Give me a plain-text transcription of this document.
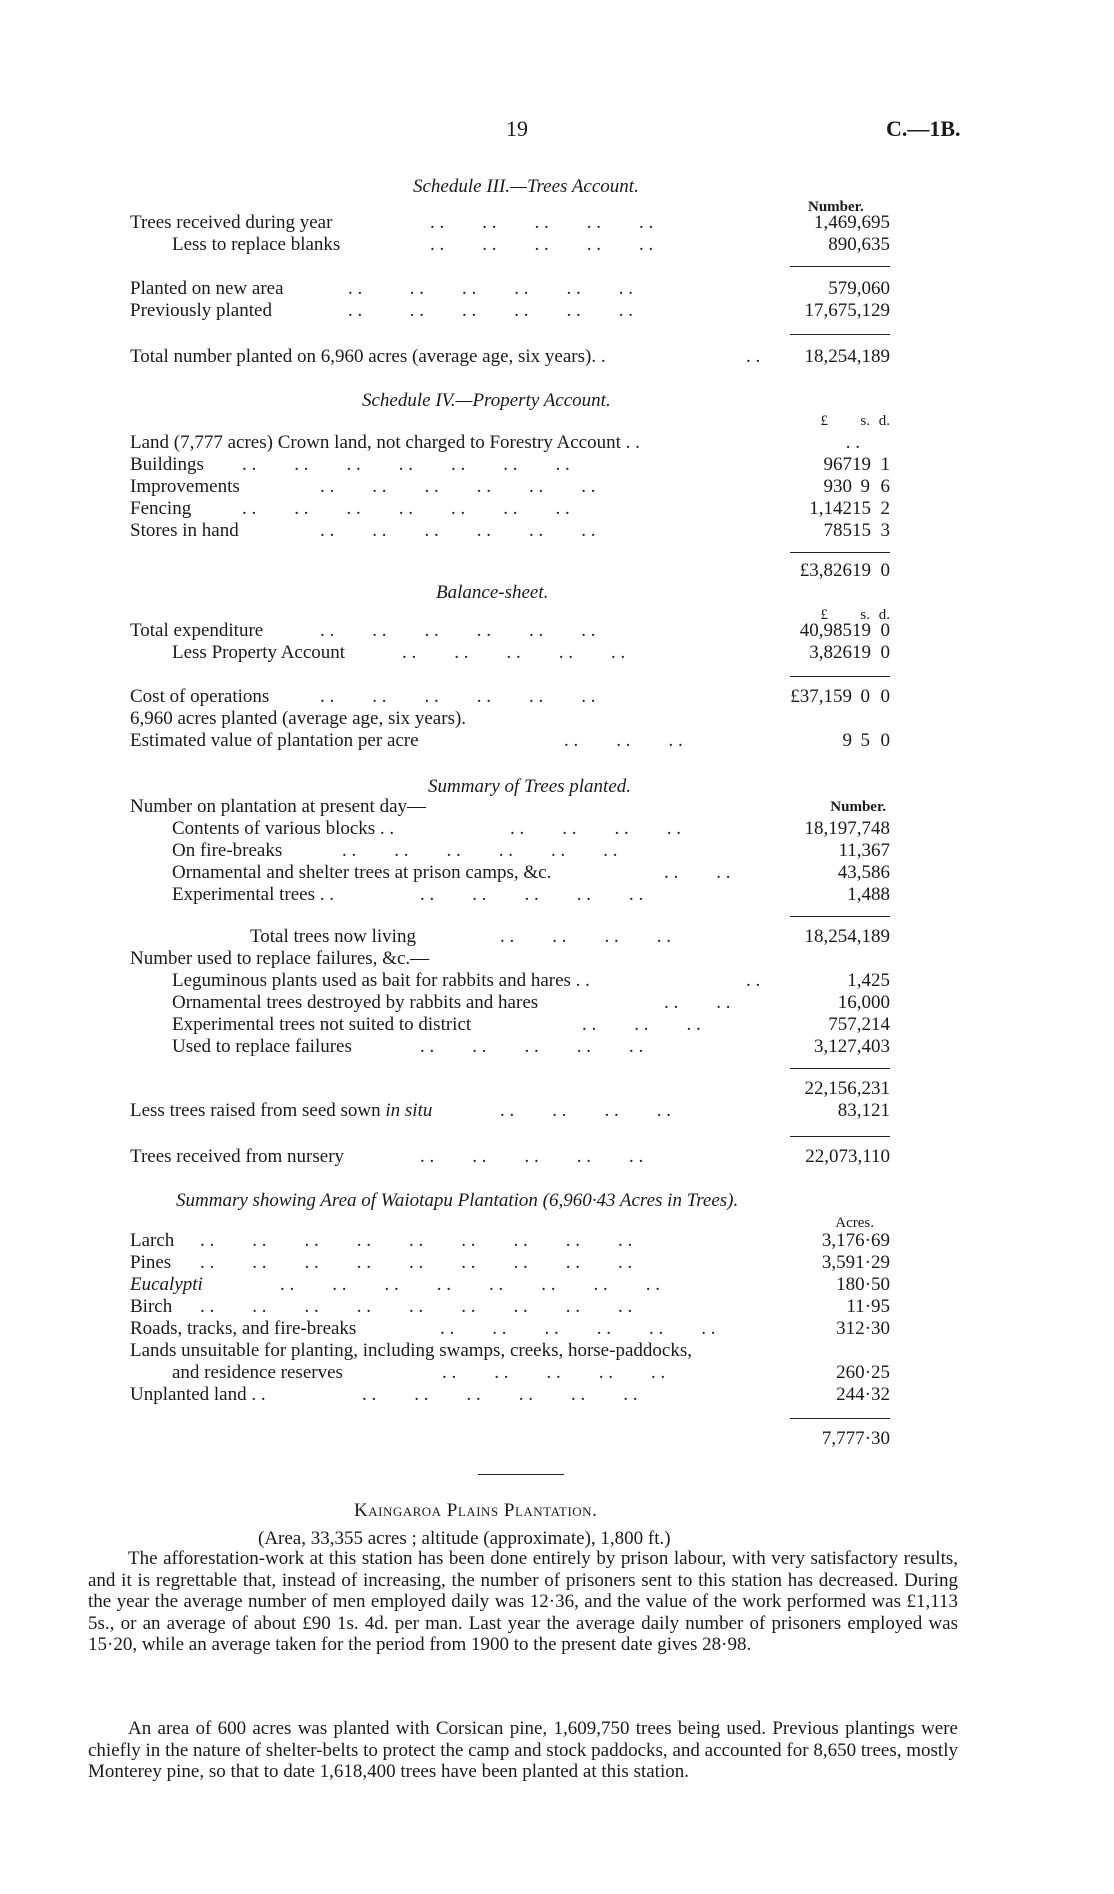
19	C.—1B.
Schedule III.—Trees Account.
Number.
Trees received during year	. .        . .        . .        . .        . .	1,469,695
Less to replace blanks	. .        . .        . .        . .        . .	890,635
Planted on new area	. .          . .        . .        . .        . .        . .	579,060
Previously planted	. .          . .        . .        . .        . .        . .	17,675,129
Total number planted on 6,960 acres (average age, six years). .	. . 18,254,189
Schedule IV.—Property Account.
£	s. d.
Land (7,777 acres) Crown land, not charged to Forestry Account . .	. .
Buildings . .        . .        . .        . .        . .        . .        . .	967 19 1
Improvements	. .        . .        . .        . .        . .        . .	930 9 6
Fencing	. .        . .        . .        . .        . .        . .        . .	1,142 15 2
Stores in hand	. .        . .        . .        . .        . .        . .	785 15 3
£3,826 19 0
Balance-sheet.
£	s. d.
Total expenditure	. .        . .        . .        . .        . .        . .	40,985 19 0
Less Property Account	. .        . .        . .        . .        . .	3,826 19 0
Cost of operations	. .        . .        . .        . .        . .        . .	£37,159 0 0
6,960 acres planted (average age, six years).
Estimated value of plantation per acre	. .        . .        . .	9 5 0
Summary of Trees planted.
Number on plantation at present day—	Number.
Contents of various blocks . .	. .        . .        . .        . .	18,197,748
On fire-breaks	. .        . .        . .        . .        . .        . .	11,367
Ornamental and shelter trees at prison camps, &c.	. .        . .	43,586
Experimental trees . .	. .        . .        . .        . .        . .	1,488
Total trees now living	. .        . .        . .        . .	18,254,189
Number used to replace failures, &c.—
Leguminous plants used as bait for rabbits and hares . .	. .	1,425
Ornamental trees destroyed by rabbits and hares	. .        . .	16,000
Experimental trees not suited to district	. .        . .        . .	757,214
Used to replace failures	. .        . .        . .        . .        . .	3,127,403
22,156,231
Less trees raised from seed sown in situ	. .        . .        . .        . .	83,121
Trees received from nursery	. .        . .        . .        . .        . .	22,073,110
Summary showing Area of Waiotapu Plantation (6,960·43 Acres in Trees).
Acres.
Larch . .        . .        . .        . .        . .        . .        . .        . .        . .	3,176·69
Pines . .        . .        . .        . .        . .        . .        . .        . .        . .	3,591·29
Eucalypti	. .        . .        . .        . .        . .        . .        . .        . .	180·50
Birch . .        . .        . .        . .        . .        . .        . .        . .        . .	11·95
Roads, tracks, and fire-breaks	. .        . .        . .        . .        . .        . .	312·30
Lands unsuitable for planting, including swamps, creeks, horse-paddocks,
and residence reserves	. .        . .        . .        . .        . .	260·25
Unplanted land . .	. .        . .        . .        . .        . .        . .	244·32
7,777·30
Kaingaroa Plains Plantation.
(Area, 33,355 acres ; altitude (approximate), 1,800 ft.)

The afforestation-work at this station has been done entirely by prison labour, with very satisfactory results, and it is regrettable that, instead of increasing, the number of prisoners sent to this station has decreased. During the year the average number of men employed daily was 12·36, and the value of the work performed was £1,113 5s., or an average of about £90 1s. 4d. per man. Last year the average daily number of prisoners employed was 15·20, while an average taken for the period from 1900 to the present date gives 28·98.

An area of 600 acres was planted with Corsican pine, 1,609,750 trees being used. Previous plantings were chiefly in the nature of shelter-belts to protect the camp and stock paddocks, and accounted for 8,650 trees, mostly Monterey pine, so that to date 1,618,400 trees have been planted at this station.
